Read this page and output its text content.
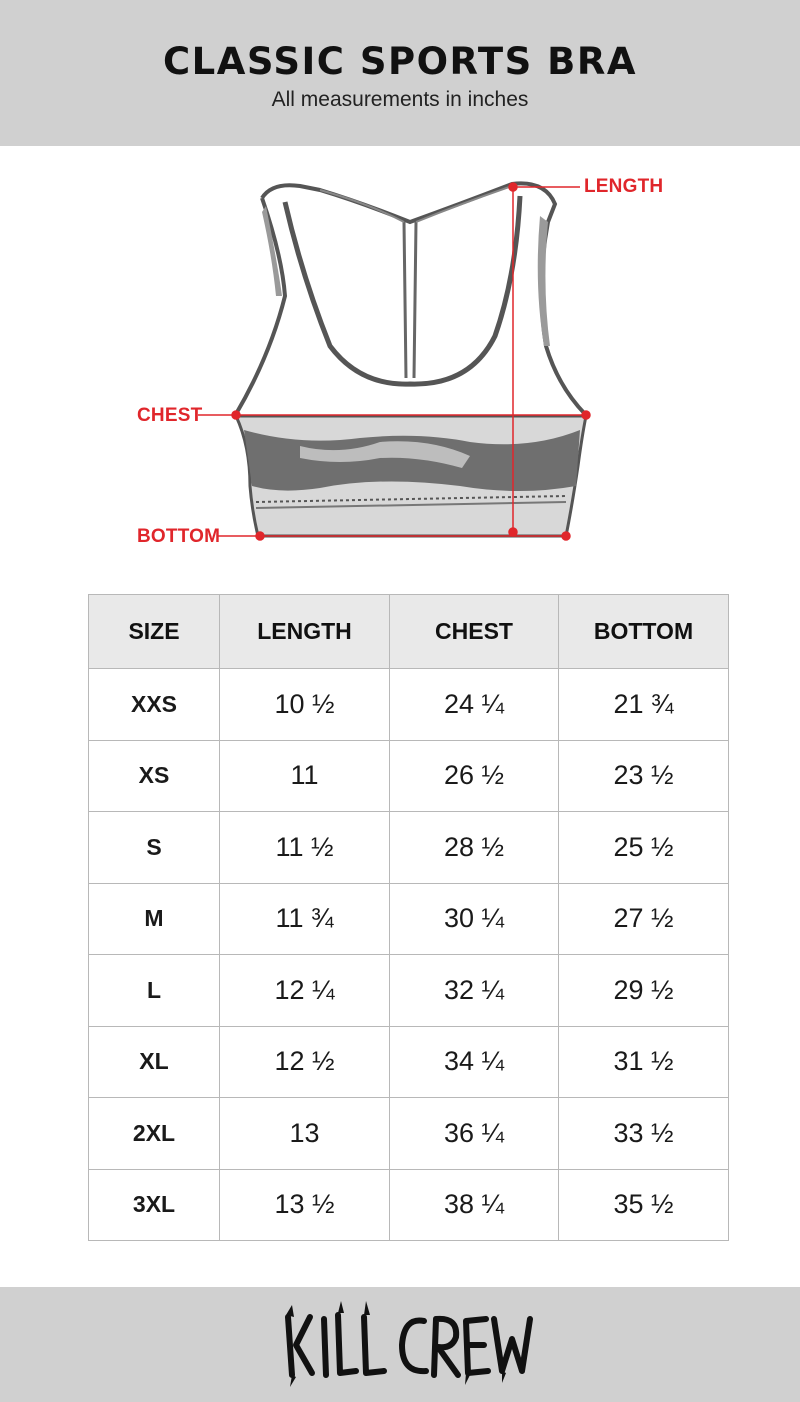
CLASSIC SPORTS BRA
All measurements in inches
LENGTH
CHEST
BOTTOM
SIZE	LENGTH	CHEST	BOTTOM
XXS	10 ½	24 ¼	21 ¾
XS	11	26 ½	23 ½
S	11 ½	28 ½	25 ½
M	11 ¾	30 ¼	27 ½
L	12 ¼	32 ¼	29 ½
XL	12 ½	34 ¼	31 ½
2XL	13	36 ¼	33 ½
3XL	13 ½	38 ¼	35 ½
